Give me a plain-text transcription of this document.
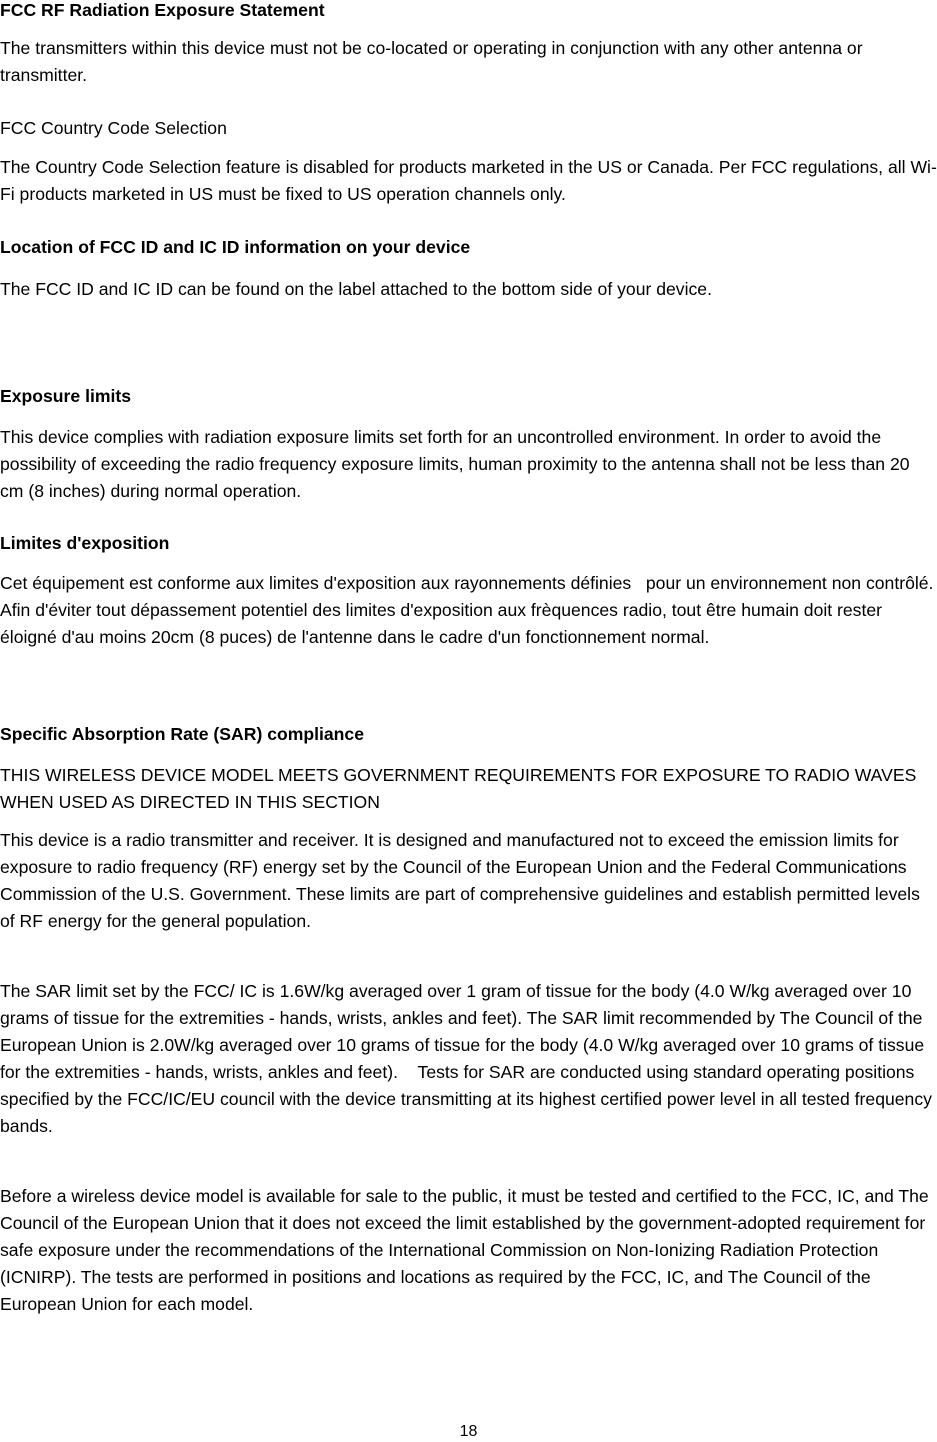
FCC RF Radiation Exposure Statement

The transmitters within this device must not be co-located or operating in conjunction with any other antenna or transmitter.

FCC Country Code Selection

The Country Code Selection feature is disabled for products marketed in the US or Canada. Per FCC regulations, all Wi-Fi products marketed in US must be fixed to US operation channels only.

Location of FCC ID and IC ID information on your device

The FCC ID and IC ID can be found on the label attached to the bottom side of your device.

Exposure limits

This device complies with radiation exposure limits set forth for an uncontrolled environment. In order to avoid the possibility of exceeding the radio frequency exposure limits, human proximity to the antenna shall not be less than 20 cm (8 inches) during normal operation.

Limites d'exposition

Cet équipement est conforme aux limites d'exposition aux rayonnements définies   pour un environnement non contrôlé. Afin d'éviter tout dépassement potentiel des limites d'exposition aux frèquences radio, tout être humain doit rester éloigné d'au moins 20cm (8 puces) de l'antenne dans le cadre d'un fonctionnement normal.

Specific Absorption Rate (SAR) compliance

THIS WIRELESS DEVICE MODEL MEETS GOVERNMENT REQUIREMENTS FOR EXPOSURE TO RADIO WAVES WHEN USED AS DIRECTED IN THIS SECTION

This device is a radio transmitter and receiver. It is designed and manufactured not to exceed the emission limits for exposure to radio frequency (RF) energy set by the Council of the European Union and the Federal Communications Commission of the U.S. Government. These limits are part of comprehensive guidelines and establish permitted levels of RF energy for the general population.

The SAR limit set by the FCC/ IC is 1.6W/kg averaged over 1 gram of tissue for the body (4.0 W/kg averaged over 10 grams of tissue for the extremities - hands, wrists, ankles and feet). The SAR limit recommended by The Council of the European Union is 2.0W/kg averaged over 10 grams of tissue for the body (4.0 W/kg averaged over 10 grams of tissue for the extremities - hands, wrists, ankles and feet).    Tests for SAR are conducted using standard operating positions specified by the FCC/IC/EU council with the device transmitting at its highest certified power level in all tested frequency bands.

Before a wireless device model is available for sale to the public, it must be tested and certified to the FCC, IC, and The Council of the European Union that it does not exceed the limit established by the government-adopted requirement for safe exposure under the recommendations of the International Commission on Non-Ionizing Radiation Protection (ICNIRP). The tests are performed in positions and locations as required by the FCC, IC, and The Council of the European Union for each model.

18
